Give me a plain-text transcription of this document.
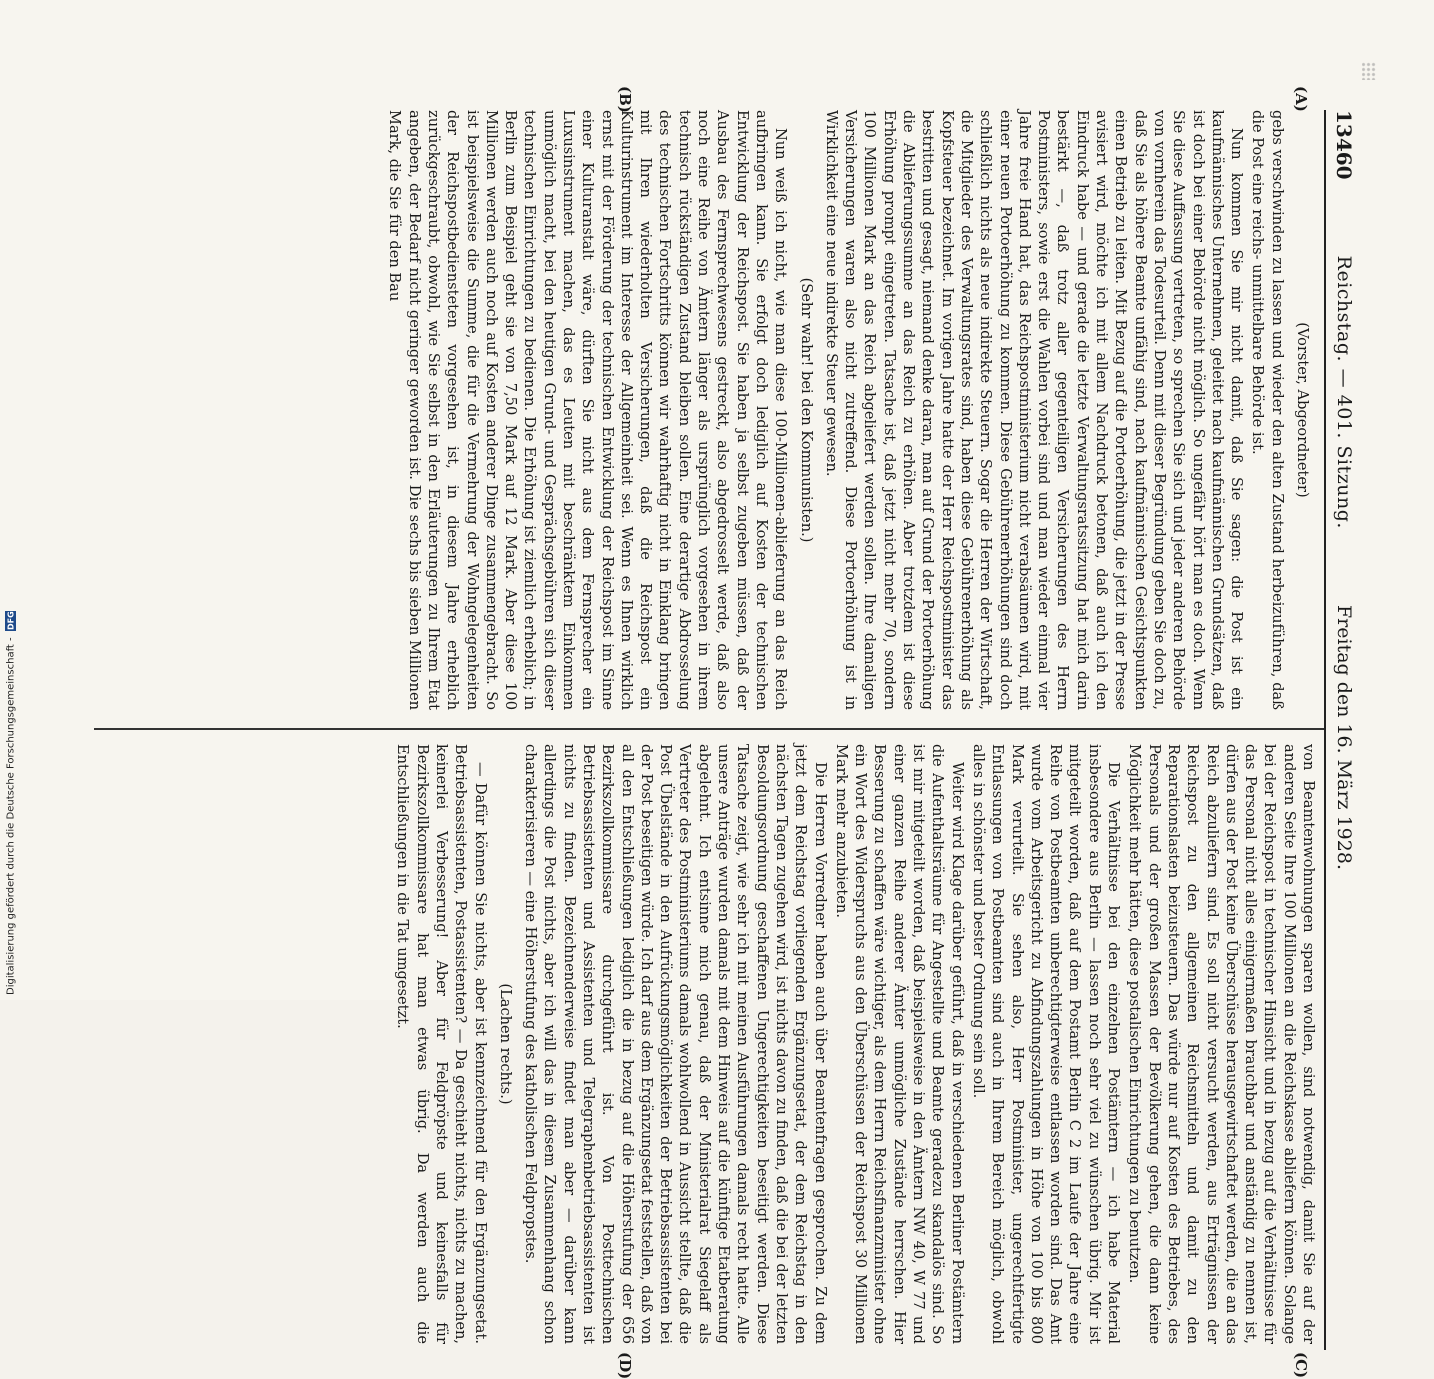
13460
Reichstag. — 401. Sitzung.
Freitag den 16. März 1928.
(A)
(B)
(C)
(D)

(Vorster, Abgeordneter)

gebs verschwinden zu lassen und wieder den alten Zustand herbeizuführen, daß die Post eine reichs- unmittelbare Behörde ist.

Nun kommen Sie mir nicht damit, daß Sie sagen: die Post ist ein kaufmännisches Unternehmen, geleitet nach kaufmännischen Grundsätzen, daß ist doch bei einer Behörde nicht möglich. So ungefähr hört man es doch. Wenn Sie diese Auffassung vertreten, so sprechen Sie sich und jeder anderen Behörde von vornherein das Todesurteil. Denn mit dieser Begründung geben Sie doch zu, daß Sie als höhere Beamte unfähig sind, nach kaufmännischen Gesichtspunkten einen Betrieb zu leiten. Mit Bezug auf die Portoerhöhung, die jetzt in der Presse avisiert wird, möchte ich mit allem Nachdruck betonen, daß auch ich den Eindruck habe — und gerade die letzte Verwaltungsratssitzung hat mich darin bestärkt —, daß trotz aller gegenteiligen Versicherungen des Herrn Postministers, sowie erst die Wahlen vorbei sind und man wieder einmal vier Jahre freie Hand hat, das Reichspostministerium nicht verabsäumen wird, mit einer neuen Portoerhöhung zu kommen. Diese Gebührenerhöhungen sind doch schließlich nichts als neue indirekte Steuern. Sogar die Herren der Wirtschaft, die Mitglieder des Verwaltungsrates sind, haben diese Gebührenerhöhung als Kopfsteuer bezeichnet. Im vorigen Jahre hatte der Herr Reichspostminister das bestritten und gesagt, niemand denke daran, man auf Grund der Portoerhöhung die Ablieferungssumme an das Reich zu erhöhen. Aber trotzdem ist diese Erhöhung prompt eingetreten. Tatsache ist, daß jetzt nicht mehr 70, sondern 100 Millionen Mark an das Reich abgeliefert werden sollen. Ihre damaligen Versicherungen waren also nicht zutreffend. Diese Portoerhöhung ist in Wirklichkeit eine neue indirekte Steuer gewesen.

(Sehr wahr! bei den Kommunisten.)

Nun weiß ich nicht, wie man diese 100-Millionen-ablieferung an das Reich aufbringen kann. Sie erfolgt doch lediglich auf Kosten der technischen Entwicklung der Reichspost. Sie haben ja selbst zugeben müssen, daß der Ausbau des Fernsprechwesens gestreckt, also abgedrosselt werde, daß also noch eine Reihe von Ämtern länger als ursprünglich vorgesehen in ihrem technisch rückständigen Zustand bleiben sollen. Eine derartige Abdrosselung des technischen Fortschritts können wir wahrhaftig nicht in Einklang bringen mit Ihren wiederholten Versicherungen, daß die Reichspost ein Kulturinstrument im Interesse der Allgemeinheit sei. Wenn es Ihnen wirklich ernst mit der Förderung der technischen Entwicklung der Reichspost im Sinne einer Kulturanstalt wäre, dürften Sie nicht aus dem Fernsprecher ein Luxusinstrument machen, das es Leuten mit beschränktem Einkommen unmöglich macht, bei den heutigen Grund- und Gesprächsgebühren sich dieser technischen Einrichtungen zu bedienen. Die Erhöhung ist ziemlich erheblich; in Berlin zum Beispiel geht sie von 7,50 Mark auf 12 Mark. Aber diese 100 Millionen werden auch noch auf Kosten anderer Dinge zusammengebracht. So ist beispielsweise die Summe, die für die Vermehrung der Wohngelegenheiten der Reichspostbediensteten vorgesehen ist, in diesem Jahre erheblich zurückgeschraubt, obwohl, wie Sie selbst in den Erläuterungen zu Ihrem Etat angeben, der Bedarf nicht geringer geworden ist. Die sechs bis sieben Millionen Mark, die Sie für den Bau

von Beamtenwohnungen sparen wollen, sind notwendig, damit Sie auf der anderen Seite Ihre 100 Millionen an die Reichskasse abliefern können. Solange bei der Reichspost in technischer Hinsicht und in bezug auf die Verhältnisse für das Personal nicht alles einigermaßen brauchbar und anständig zu nennen ist, dürfen aus der Post keine Überschüsse herausgewirtschaftet werden, die an das Reich abzuliefern sind. Es soll nicht versucht werden, aus Erträgnissen der Reichspost zu den allgemeinen Reichsmitteln und damit zu den Reparationslasten beizusteuern. Das würde nur auf Kosten des Betriebes, des Personals und der großen Massen der Bevölkerung gehen, die dann keine Möglichkeit mehr hätten, diese postalischen Einrichtungen zu benutzen.

Die Verhältnisse bei den einzelnen Postämtern — ich habe Material insbesondere aus Berlin — lassen noch sehr viel zu wünschen übrig. Mir ist mitgeteilt worden, daß auf dem Postamt Berlin C 2 im Laufe der Jahre eine Reihe von Postbeamten unberechtigterweise entlassen worden sind. Das Amt wurde vom Arbeitsgericht zu Abfindungszahlungen in Höhe von 100 bis 800 Mark verurteilt. Sie sehen also, Herr Postminister, ungerechtfertigte Entlassungen von Postbeamten sind auch in Ihrem Bereich möglich, obwohl alles in schönster und bester Ordnung sein soll.

Weiter wird Klage darüber geführt, daß in verschiedenen Berliner Postämtern die Aufenthaltsräume für Angestellte und Beamte geradezu skandalös sind. So ist mir mitgeteilt worden, daß beispielsweise in den Ämtern NW 40, W 77 und einer ganzen Reihe anderer Ämter unmögliche Zustände herrschen. Hier Besserung zu schaffen wäre wichtiger, als dem Herrn Reichsfinanzminister ohne ein Wort des Widerspruchs aus den Überschüssen der Reichspost 30 Millionen Mark mehr anzubieten.

Die Herren Vorredner haben auch über Beamtenfragen gesprochen. Zu dem jetzt dem Reichstag vorliegenden Ergänzungsetat, der dem Reichstag in den nächsten Tagen zugehen wird, ist nichts davon zu finden, daß die bei der letzten Besoldungsordnung geschaffenen Ungerechtigkeiten beseitigt werden. Diese Tatsache zeigt, wie sehr ich mit meinen Ausführungen damals recht hatte. Alle unsere Anträge wurden damals mit dem Hinweis auf die künftige Etatberatung abgelehnt. Ich entsinne mich genau, daß der Ministerialrat Siegelaff als Vertreter des Postministeriums damals wohlwollend in Aussicht stellte, daß die Post Übelstände in den Aufrückungsmöglichkeiten der Betriebsassistenten bei der Post beseitigen würde. Ich darf aus dem Ergänzungsetat feststellen, daß von all den Entschließungen lediglich die in bezug auf die Höherstufung der 656 Bezirkszollkommissare durchgeführt ist. Von Posttechnischen Betriebsassistenten und Assistenten und Telegraphenbetriebsassistenten ist nichts zu finden. Bezeichnenderweise findet man aber — darüber kann allerdings die Post nichts, aber ich will das in diesem Zusammenhang schon charakterisieren — eine Höherstufung des katholischen Feldpropstes.

(Lachen rechts.)

— Dafür können Sie nichts, aber ist kennzeichnend für den Ergänzungsetat. Betriebsassistenten, Postassistenten? — Da geschieht nichts, nichts zu machen, keinerlei Verbesserung! Aber für Feldpröpste und keinesfalls für Bezirkszollkommissare hat man etwas übrig. Da werden auch die Entschließungen in die Tat umgesetzt.

Digitalisierung gefördert durch die Deutsche Forschungsgemeinschaft -
DFG
